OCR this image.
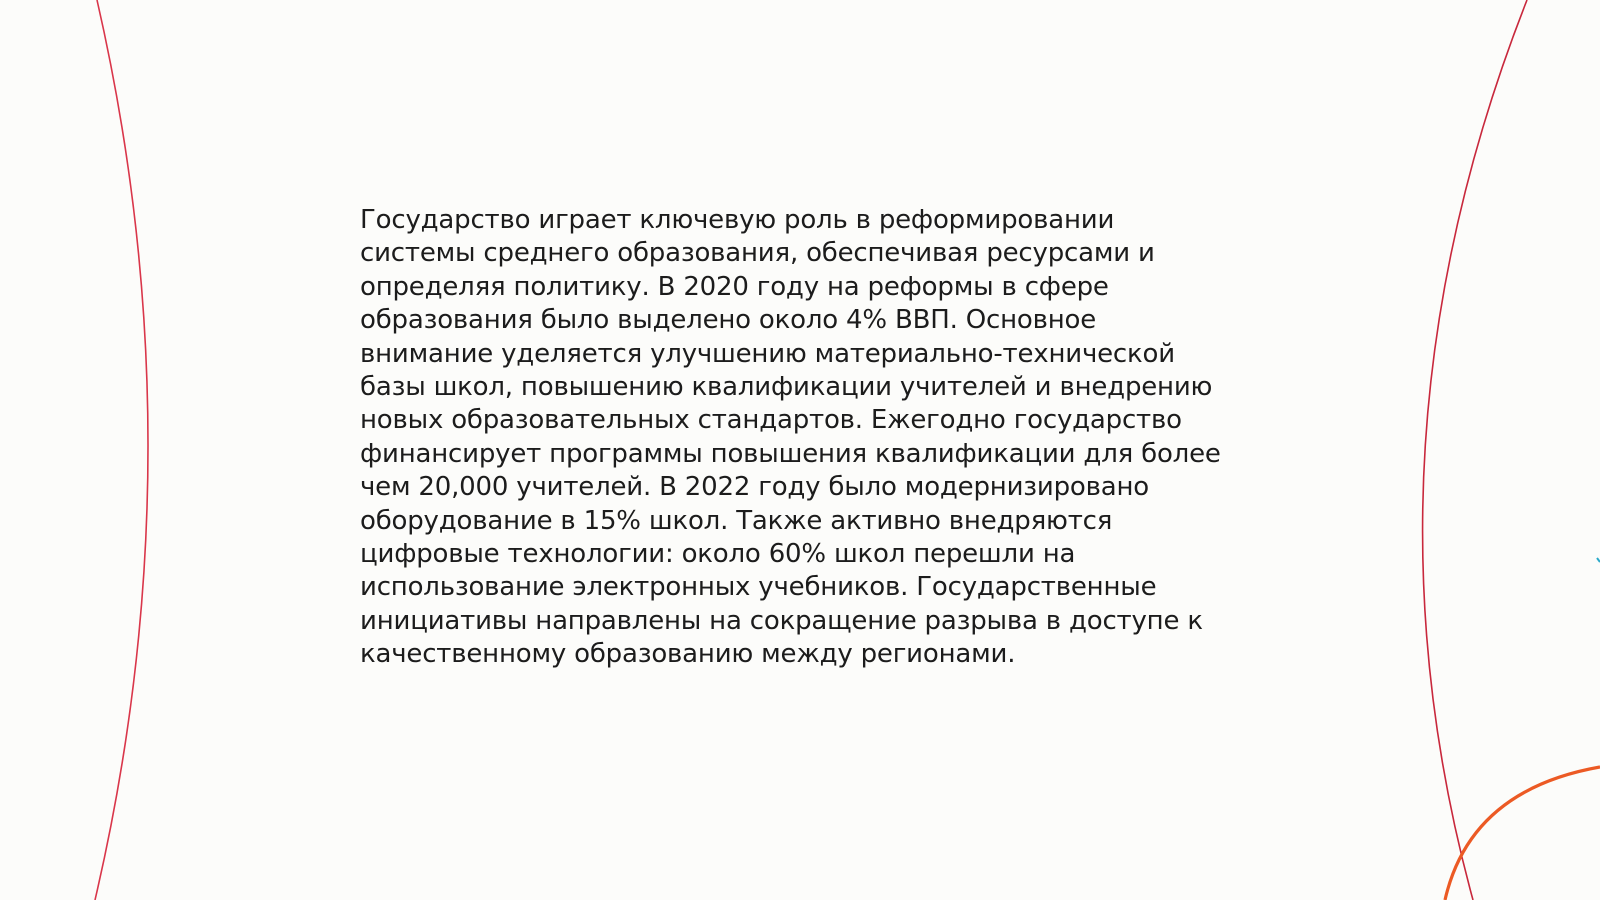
Государство играет ключевую роль в реформировании
системы среднего образования, обеспечивая ресурсами и
определяя политику. В 2020 году на реформы в сфере
образования было выделено около 4% ВВП. Основное
внимание уделяется улучшению материально-технической
базы школ, повышению квалификации учителей и внедрению
новых образовательных стандартов. Ежегодно государство
финансирует программы повышения квалификации для более
чем 20,000 учителей. В 2022 году было модернизировано
оборудование в 15% школ. Также активно внедряются
цифровые технологии: около 60% школ перешли на
использование электронных учебников. Государственные
инициативы направлены на сокращение разрыва в доступе к
качественному образованию между регионами.
